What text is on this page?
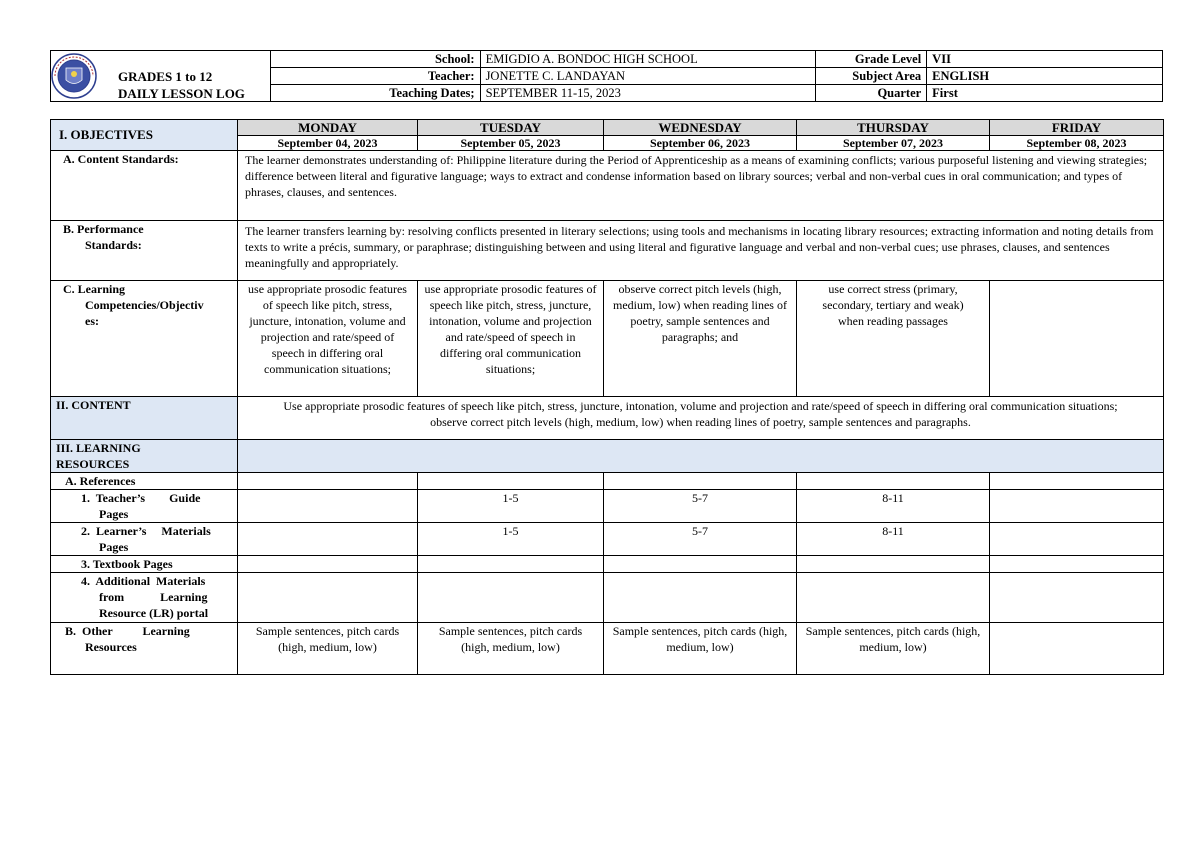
GRADES 1 to 12
DAILY LESSON LOG	School:	EMIGDIO A. BONDOC HIGH SCHOOL	Grade Level	VII
	Teacher:	JONETTE C. LANDAYAN	Subject Area	ENGLISH
	Teaching Dates;	SEPTEMBER 11-15, 2023	Quarter	First
I. OBJECTIVES	MONDAY	TUESDAY	WEDNESDAY	THURSDAY	FRIDAY
	September 04, 2023	September 05, 2023	September 06, 2023	September 07, 2023	September 08, 2023

A. Content Standards:	The learner demonstrates understanding of: Philippine literature during the Period of Apprenticeship as a means of examining conflicts; various purposeful listening and viewing strategies; difference between literal and figurative language; ways to extract and condense information based on library sources; verbal and non-verbal cues in oral communication; and types of phrases, clauses, and sentences.				

B. Performance
Standards:	The learner transfers learning by: resolving conflicts presented in literary selections; using tools and mechanisms in locating library resources; extracting information and noting details from texts to write a précis, summary, or paraphrase; distinguishing between and using literal and figurative language and verbal and non-verbal cues; use phrases, clauses, and sentences meaningfully and appropriately.				

C. Learning
Competencies/Objectiv
es:	use appropriate prosodic features of speech like pitch, stress, juncture, intonation, volume and projection and rate/speed of speech in differing oral communication situations;	use appropriate prosodic features of speech like pitch, stress, juncture, intonation, volume and projection and rate/speed of speech in differing oral communication situations;	observe correct pitch levels (high, medium, low) when reading lines of poetry, sample sentences and paragraphs; and	use correct stress (primary, secondary, tertiary and weak) when reading passages	
II. CONTENT	Use appropriate prosodic features of speech like pitch, stress, juncture, intonation, volume and projection and rate/speed of speech in differing oral communication situations; observe correct pitch levels (high, medium, low) when reading lines of poetry, sample sentences and paragraphs.				

III. LEARNING
RESOURCES					

A. References					

1.  Teacher’s        Guide
Pages		1-5	5-7	8-11	

2.  Learner’s     Materials
Pages		1-5	5-7	8-11	

3. Textbook Pages					

4.  Additional  Materials
from            Learning
Resource (LR) portal					

B.  Other          Learning
Resources	Sample sentences, pitch cards (high, medium, low)	Sample sentences, pitch cards (high, medium, low)	Sample sentences, pitch cards (high, medium, low)	Sample sentences, pitch cards (high, medium, low)	
